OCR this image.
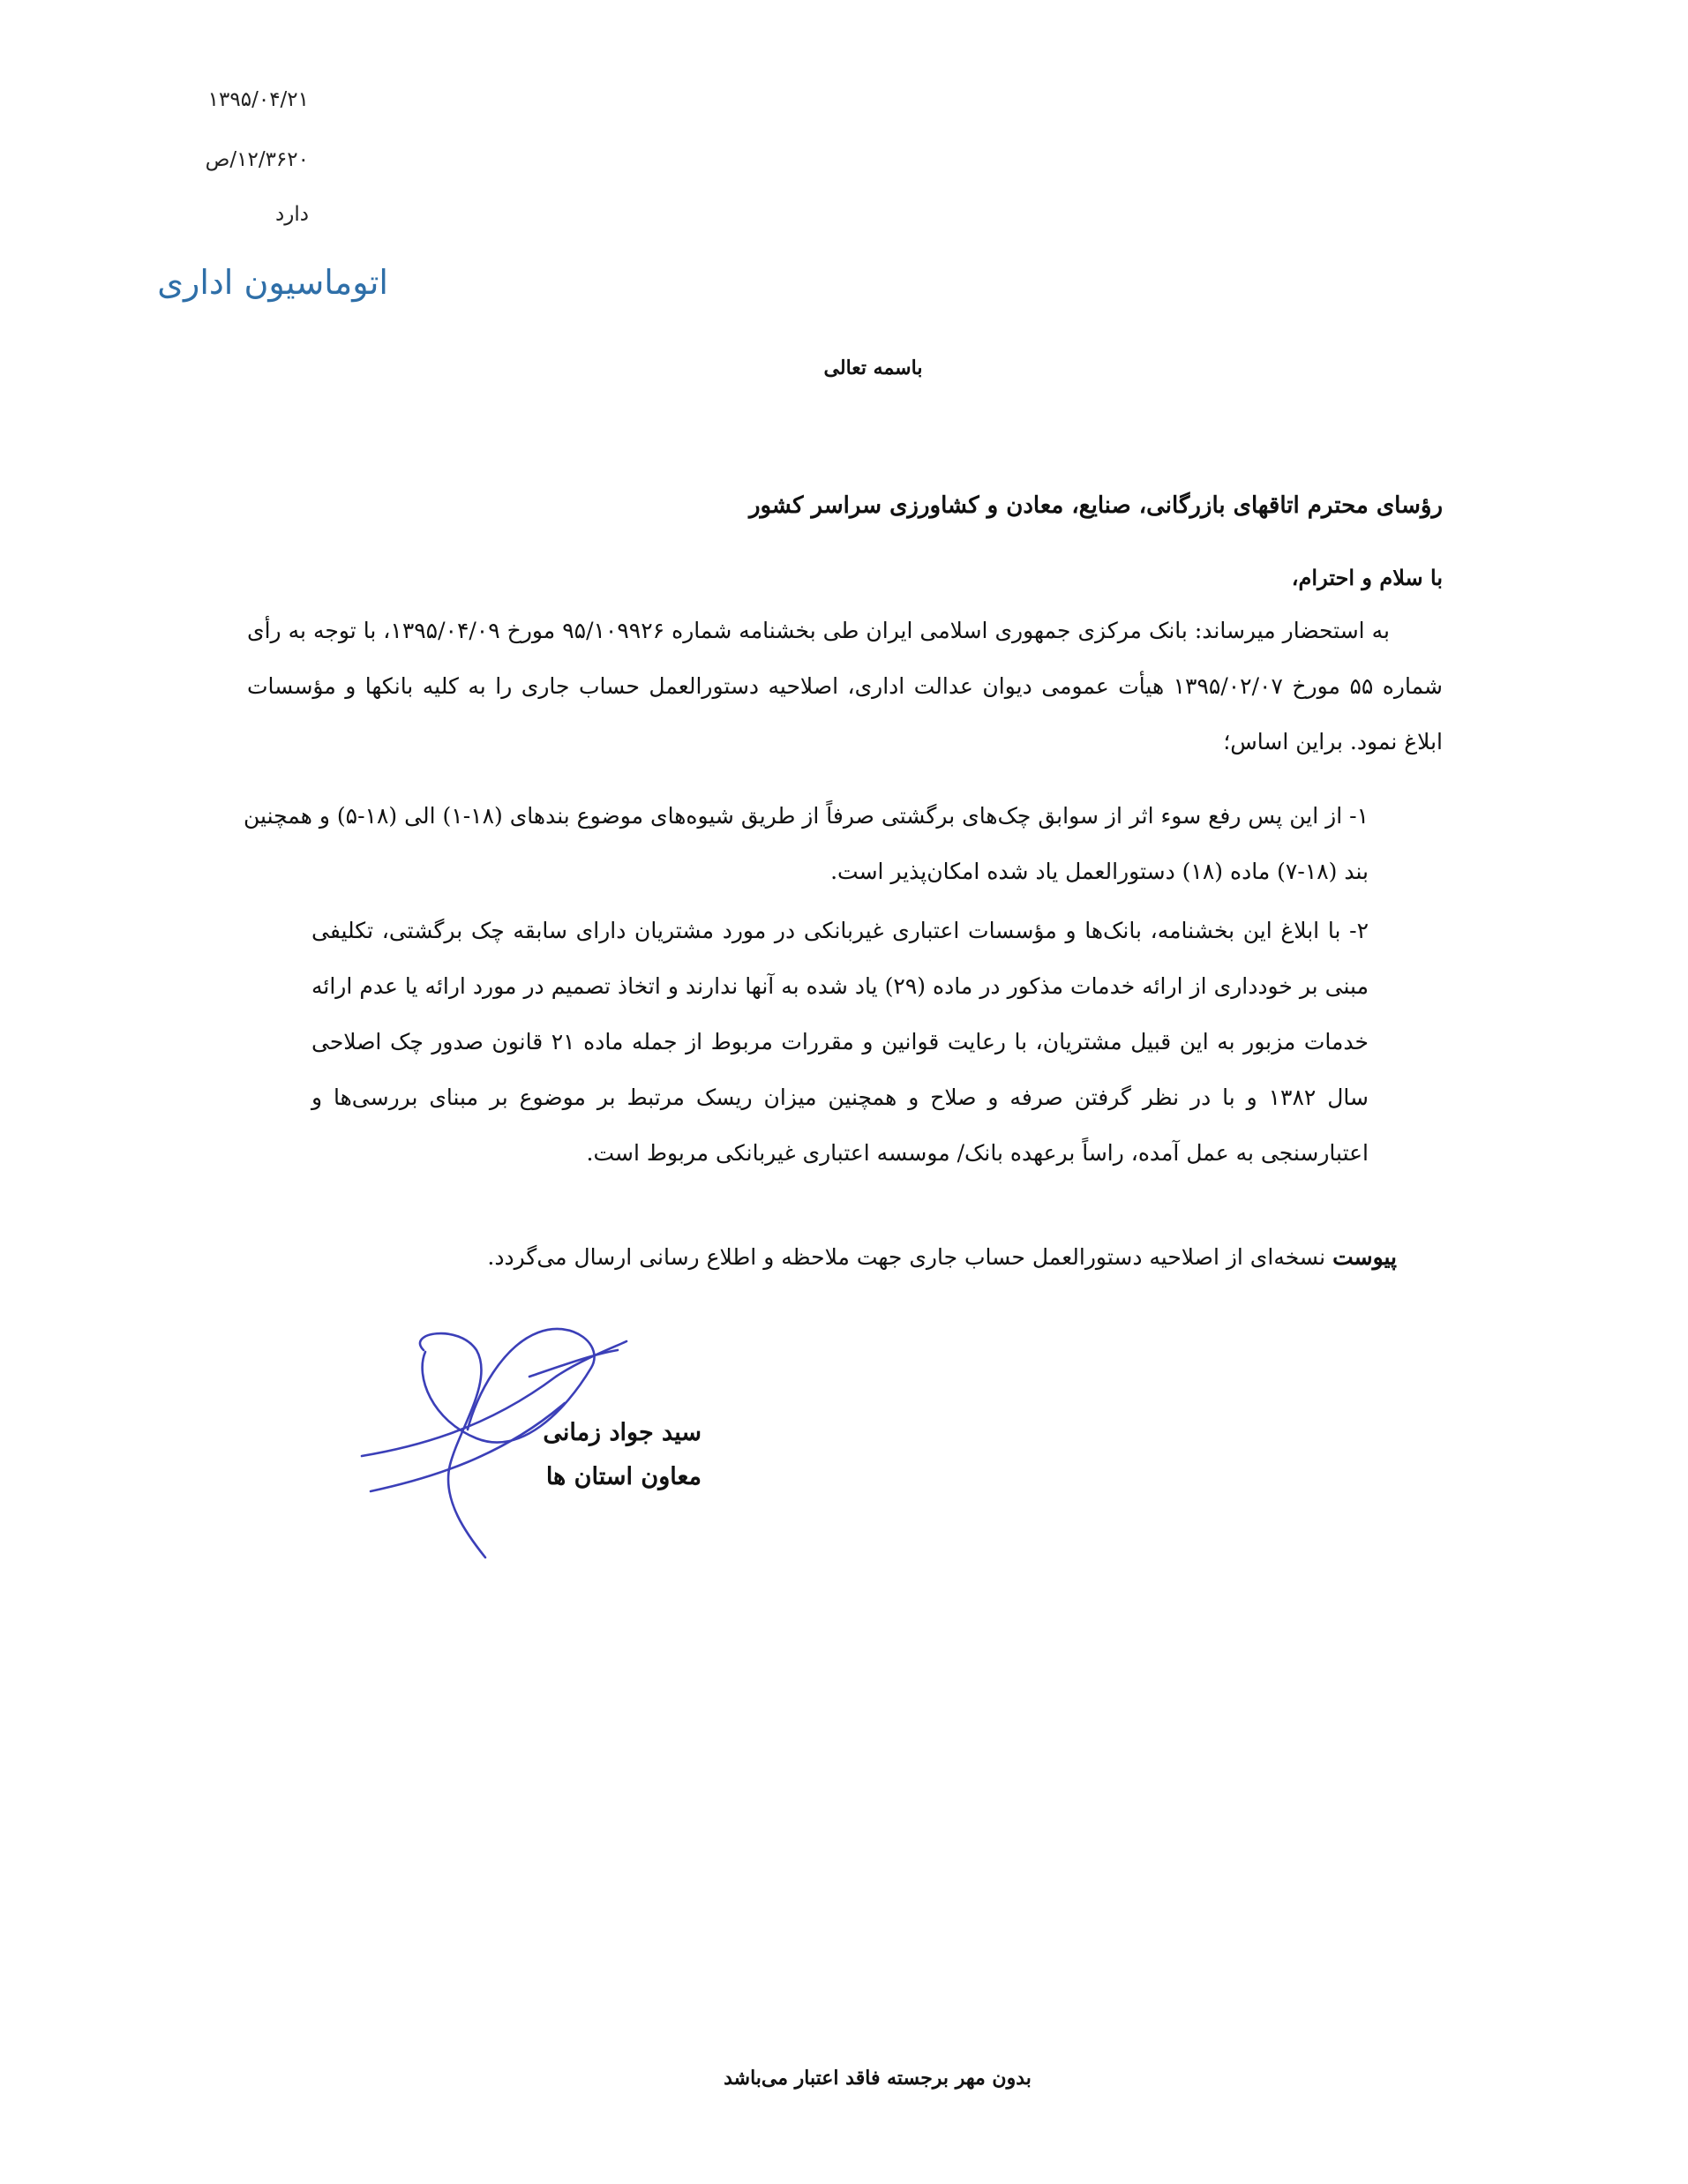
۱۳۹۵/۰۴/۲۱
۱۲/۳۶۲۰/ص
دارد
اتوماسیون اداری
باسمه تعالی
رؤسای محترم اتاقهای بازرگانی، صنایع، معادن و کشاورزی سراسر کشور
با سلام و احترام،
به استحضار میرساند: بانک مرکزی جمهوری اسلامی ایران طی بخشنامه شماره ۹۵/۱۰۹۹۲۶ مورخ ۱۳۹۵/۰۴/۰۹، با توجه به رأی شماره ۵۵ مورخ ۱۳۹۵/۰۲/۰۷ هیأت عمومی دیوان عدالت اداری، اصلاحیه دستورالعمل حساب جاری را به کلیه بانکها و مؤسسات ابلاغ نمود. براین اساس؛
۱- از این پس رفع سوء اثر از سوابق چک‌های برگشتی صرفاً از طریق شیوه‌های موضوع بندهای (۱۸-۱) الی (۱۸-۵) و همچنین بند (۱۸-۷) ماده (۱۸) دستورالعمل یاد شده امکان‌پذیر است.
۲- با ابلاغ این بخشنامه، بانک‌ها و مؤسسات اعتباری غیربانکی در مورد مشتریان دارای سابقه چک برگشتی، تکلیفی مبنی بر خودداری از ارائه خدمات مذکور در ماده (۲۹) یاد شده به آنها ندارند و اتخاذ تصمیم در مورد ارائه یا عدم ارائه خدمات مزبور به این قبیل مشتریان، با رعایت قوانین و مقررات مربوط از جمله ماده ۲۱ قانون صدور چک اصلاحی سال ۱۳۸۲ و با در نظر گرفتن صرفه و صلاح و همچنین میزان ریسک مرتبط بر موضوع بر مبنای بررسی‌ها و اعتبارسنجی به عمل آمده، راساً برعهده بانک/ موسسه اعتباری غیربانکی مربوط است.
پیوست نسخه‌ای از اصلاحیه دستورالعمل حساب جاری جهت ملاحظه و اطلاع رسانی ارسال می‌گردد.
سید جواد زمانی
معاون استان ها
بدون مهر برجسته فاقد اعتبار می‌باشد
